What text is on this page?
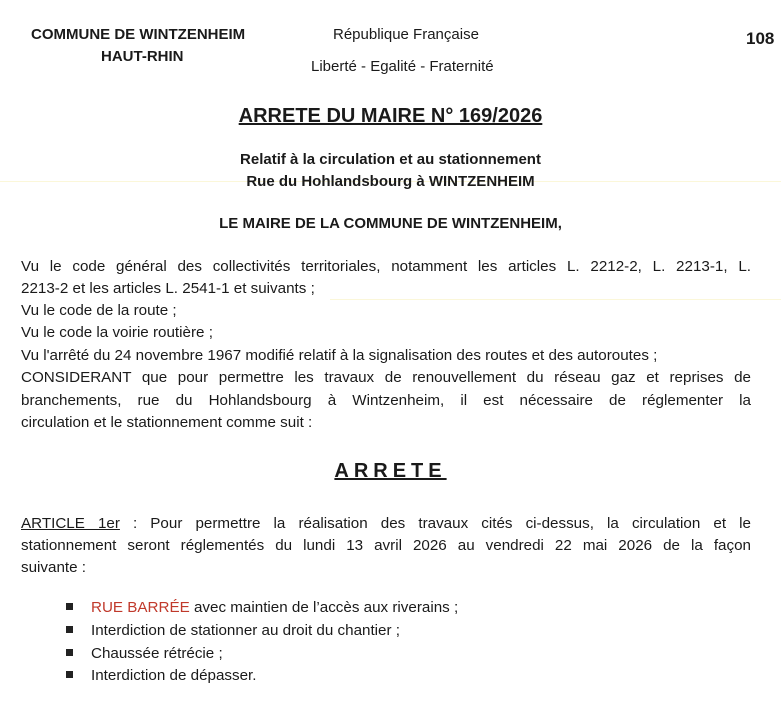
COMMUNE DE WINTZENHEIM
HAUT-RHIN
République Française
Liberté - Egalité - Fraternité
108
ARRETE DU MAIRE N° 169/2026
Relatif à la circulation et au stationnement
Rue du Hohlandsbourg à WINTZENHEIM
LE MAIRE DE LA COMMUNE DE WINTZENHEIM,
Vu le code général des collectivités territoriales, notamment les articles L. 2212-2, L. 2213-1, L.
2213-2 et les articles L. 2541-1 et suivants ;
Vu le code de la route ;
Vu le code la voirie routière ;
Vu l'arrêté du 24 novembre 1967 modifié relatif à la signalisation des routes et des autoroutes ;
CONSIDERANT que pour permettre les travaux de renouvellement du réseau gaz et reprises de
branchements, rue du Hohlandsbourg à Wintzenheim, il est nécessaire de réglementer la
circulation et le stationnement comme suit :
ARRETE
ARTICLE 1er : Pour permettre la réalisation des travaux cités ci-dessus, la circulation et le
stationnement seront réglementés du lundi 13 avril 2026 au vendredi 22 mai 2026 de la façon
suivante :
RUE BARRÉE avec maintien de l’accès aux riverains ;
Interdiction de stationner au droit du chantier ;
Chaussée rétrécie ;
Interdiction de dépasser.
